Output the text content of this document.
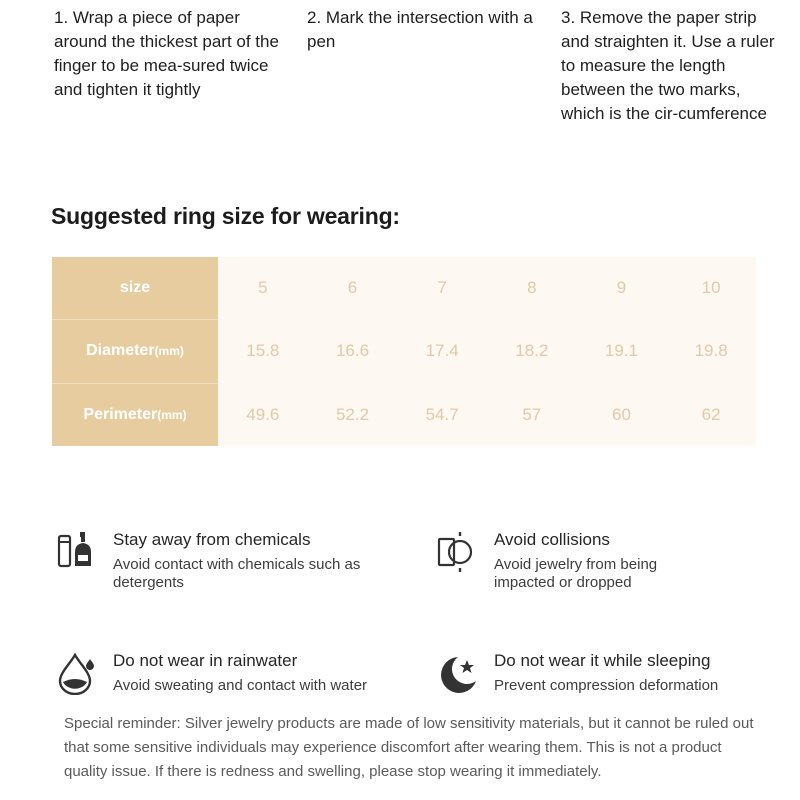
1. Wrap a piece of paper around the thickest part of the finger to be mea-sured twice and tighten it tightly
2. Mark the intersection with a pen
3. Remove the paper strip and straighten it. Use a ruler to measure the length between the two marks, which is the cir-cumference
Suggested ring size for wearing:
size	5	6	7	8	9	10
Diameter(mm)	15.8	16.6	17.4	18.2	19.1	19.8
Perimeter(mm)	49.6	52.2	54.7	57	60	62
Stay away from chemicals
Avoid contact with chemicals such as detergents
Avoid collisions
Avoid jewelry from being impacted or dropped
Do not wear in rainwater
Avoid sweating and contact with water
Do not wear it while sleeping
Prevent compression deformation
Special reminder: Silver jewelry products are made of low sensitivity materials, but it cannot be ruled out that some sensitive individuals may experience discomfort after wearing them. This is not a product quality issue. If there is redness and swelling, please stop wearing it immediately.
